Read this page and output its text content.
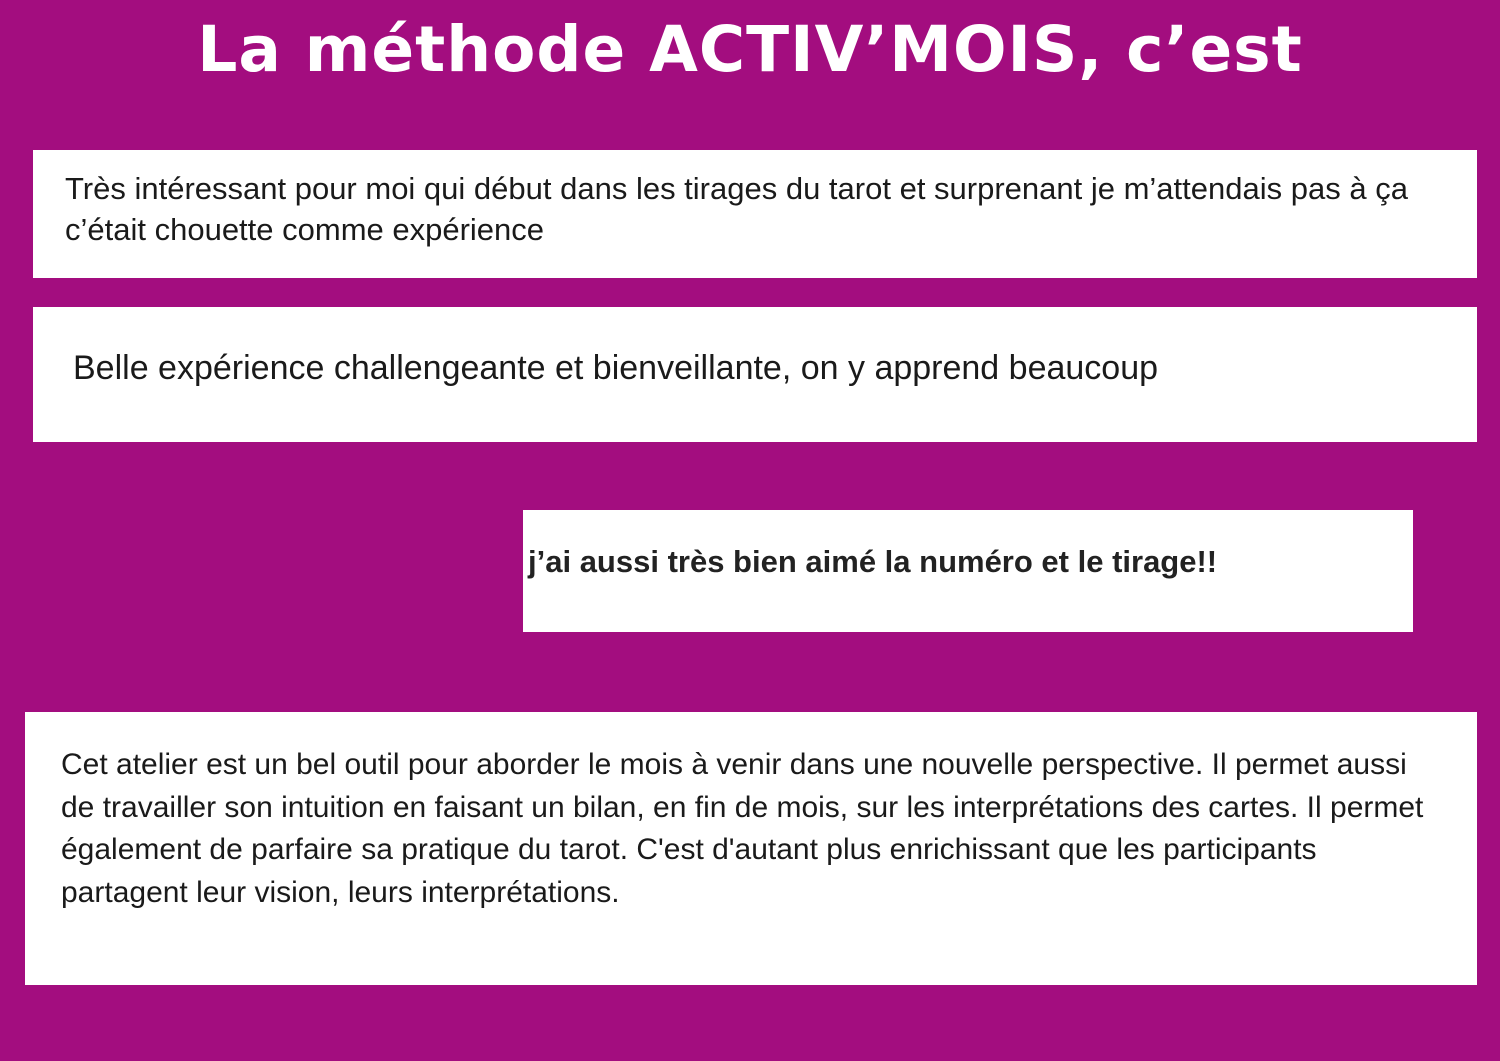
La méthode ACTIV’MOIS, c’est
Très intéressant pour moi qui début dans les tirages du tarot et surprenant je m’attendais pas à ça c’était chouette comme expérience
Belle expérience challengeante et bienveillante, on y apprend beaucoup
j’ai aussi très bien aimé la numéro et le tirage!!
Cet atelier est un bel outil pour aborder le mois à venir dans une nouvelle perspective. Il permet aussi de travailler son intuition en faisant un bilan, en fin de mois, sur les interprétations des cartes. Il permet également de parfaire sa pratique du tarot. C'est d'autant plus enrichissant que les participants partagent leur vision, leurs interprétations.
